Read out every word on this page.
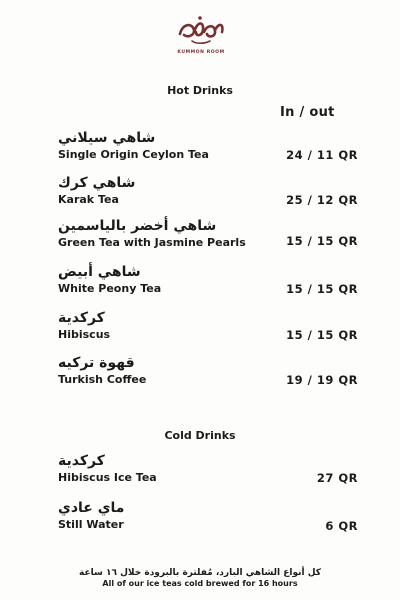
KUMMON ROOM
Hot Drinks
In / out
شاهي سيلاني
Single Origin Ceylon Tea	24 / 11 QR
شاهي كرك
Karak Tea	25 / 12 QR
شاهي أخضر بالياسمين
Green Tea with Jasmine Pearls	15 / 15 QR
شاهي أبيض
White Peony Tea	15 / 15 QR
كركدية
Hibiscus	15 / 15 QR
قهوة تركيه
Turkish Coffee	19 / 19 QR
Cold Drinks
كركدية
Hibiscus Ice Tea	27 QR
ماي عادي
Still Water	6 QR
كل أنواع الشاهي البارد، مُفلترة بالبرودة خلال ١٦ ساعة
All of our ice teas cold brewed for 16 hours
